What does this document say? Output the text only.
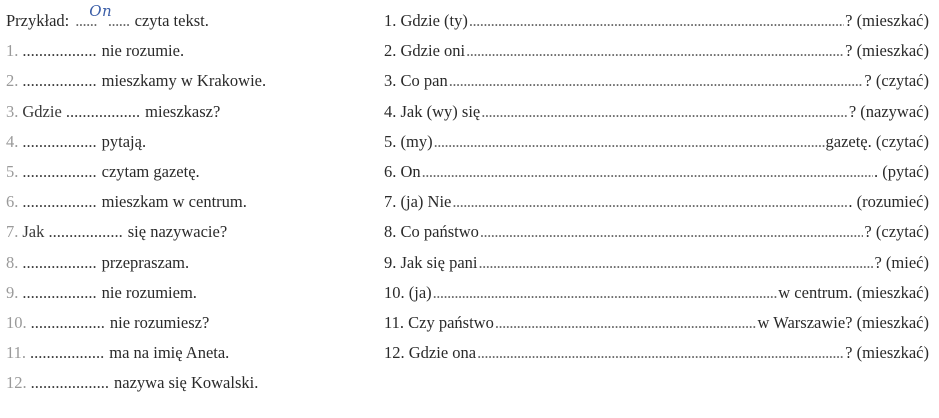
Przykład: ...... ......
On czyta tekst.
1. .................. nie rozumie.
2. .................. mieszkamy w Krakowie.
3. Gdzie .................. mieszkasz?
4. .................. pytają.
5. .................. czytam gazetę.
6. .................. mieszkam w centrum.
7. Jak .................. się nazywacie?
8. .................. przepraszam.
9. .................. nie rozumiem.
10. .................. nie rozumiesz?
11. .................. ma na imię Aneta.
12. ................... nazywa się Kowalski.
1. Gdzie (ty) .....	? (mieszkać)
2. Gdzie oni .....	? (mieszkać)
3. Co pan .....	? (czytać)
4. Jak (wy) się .....	? (nazywać)
5. (my) .....	gazetę. (czytać)
6. On .....	. (pytać)
7. (ja) Nie .....	. (rozumieć)
8. Co państwo .....	? (czytać)
9. Jak się pani .....	? (mieć)
10. (ja) .....	w centrum. (mieszkać)
11. Czy państwo .....	w Warszawie? (mieszkać)
12. Gdzie ona .....	? (mieszkać)
